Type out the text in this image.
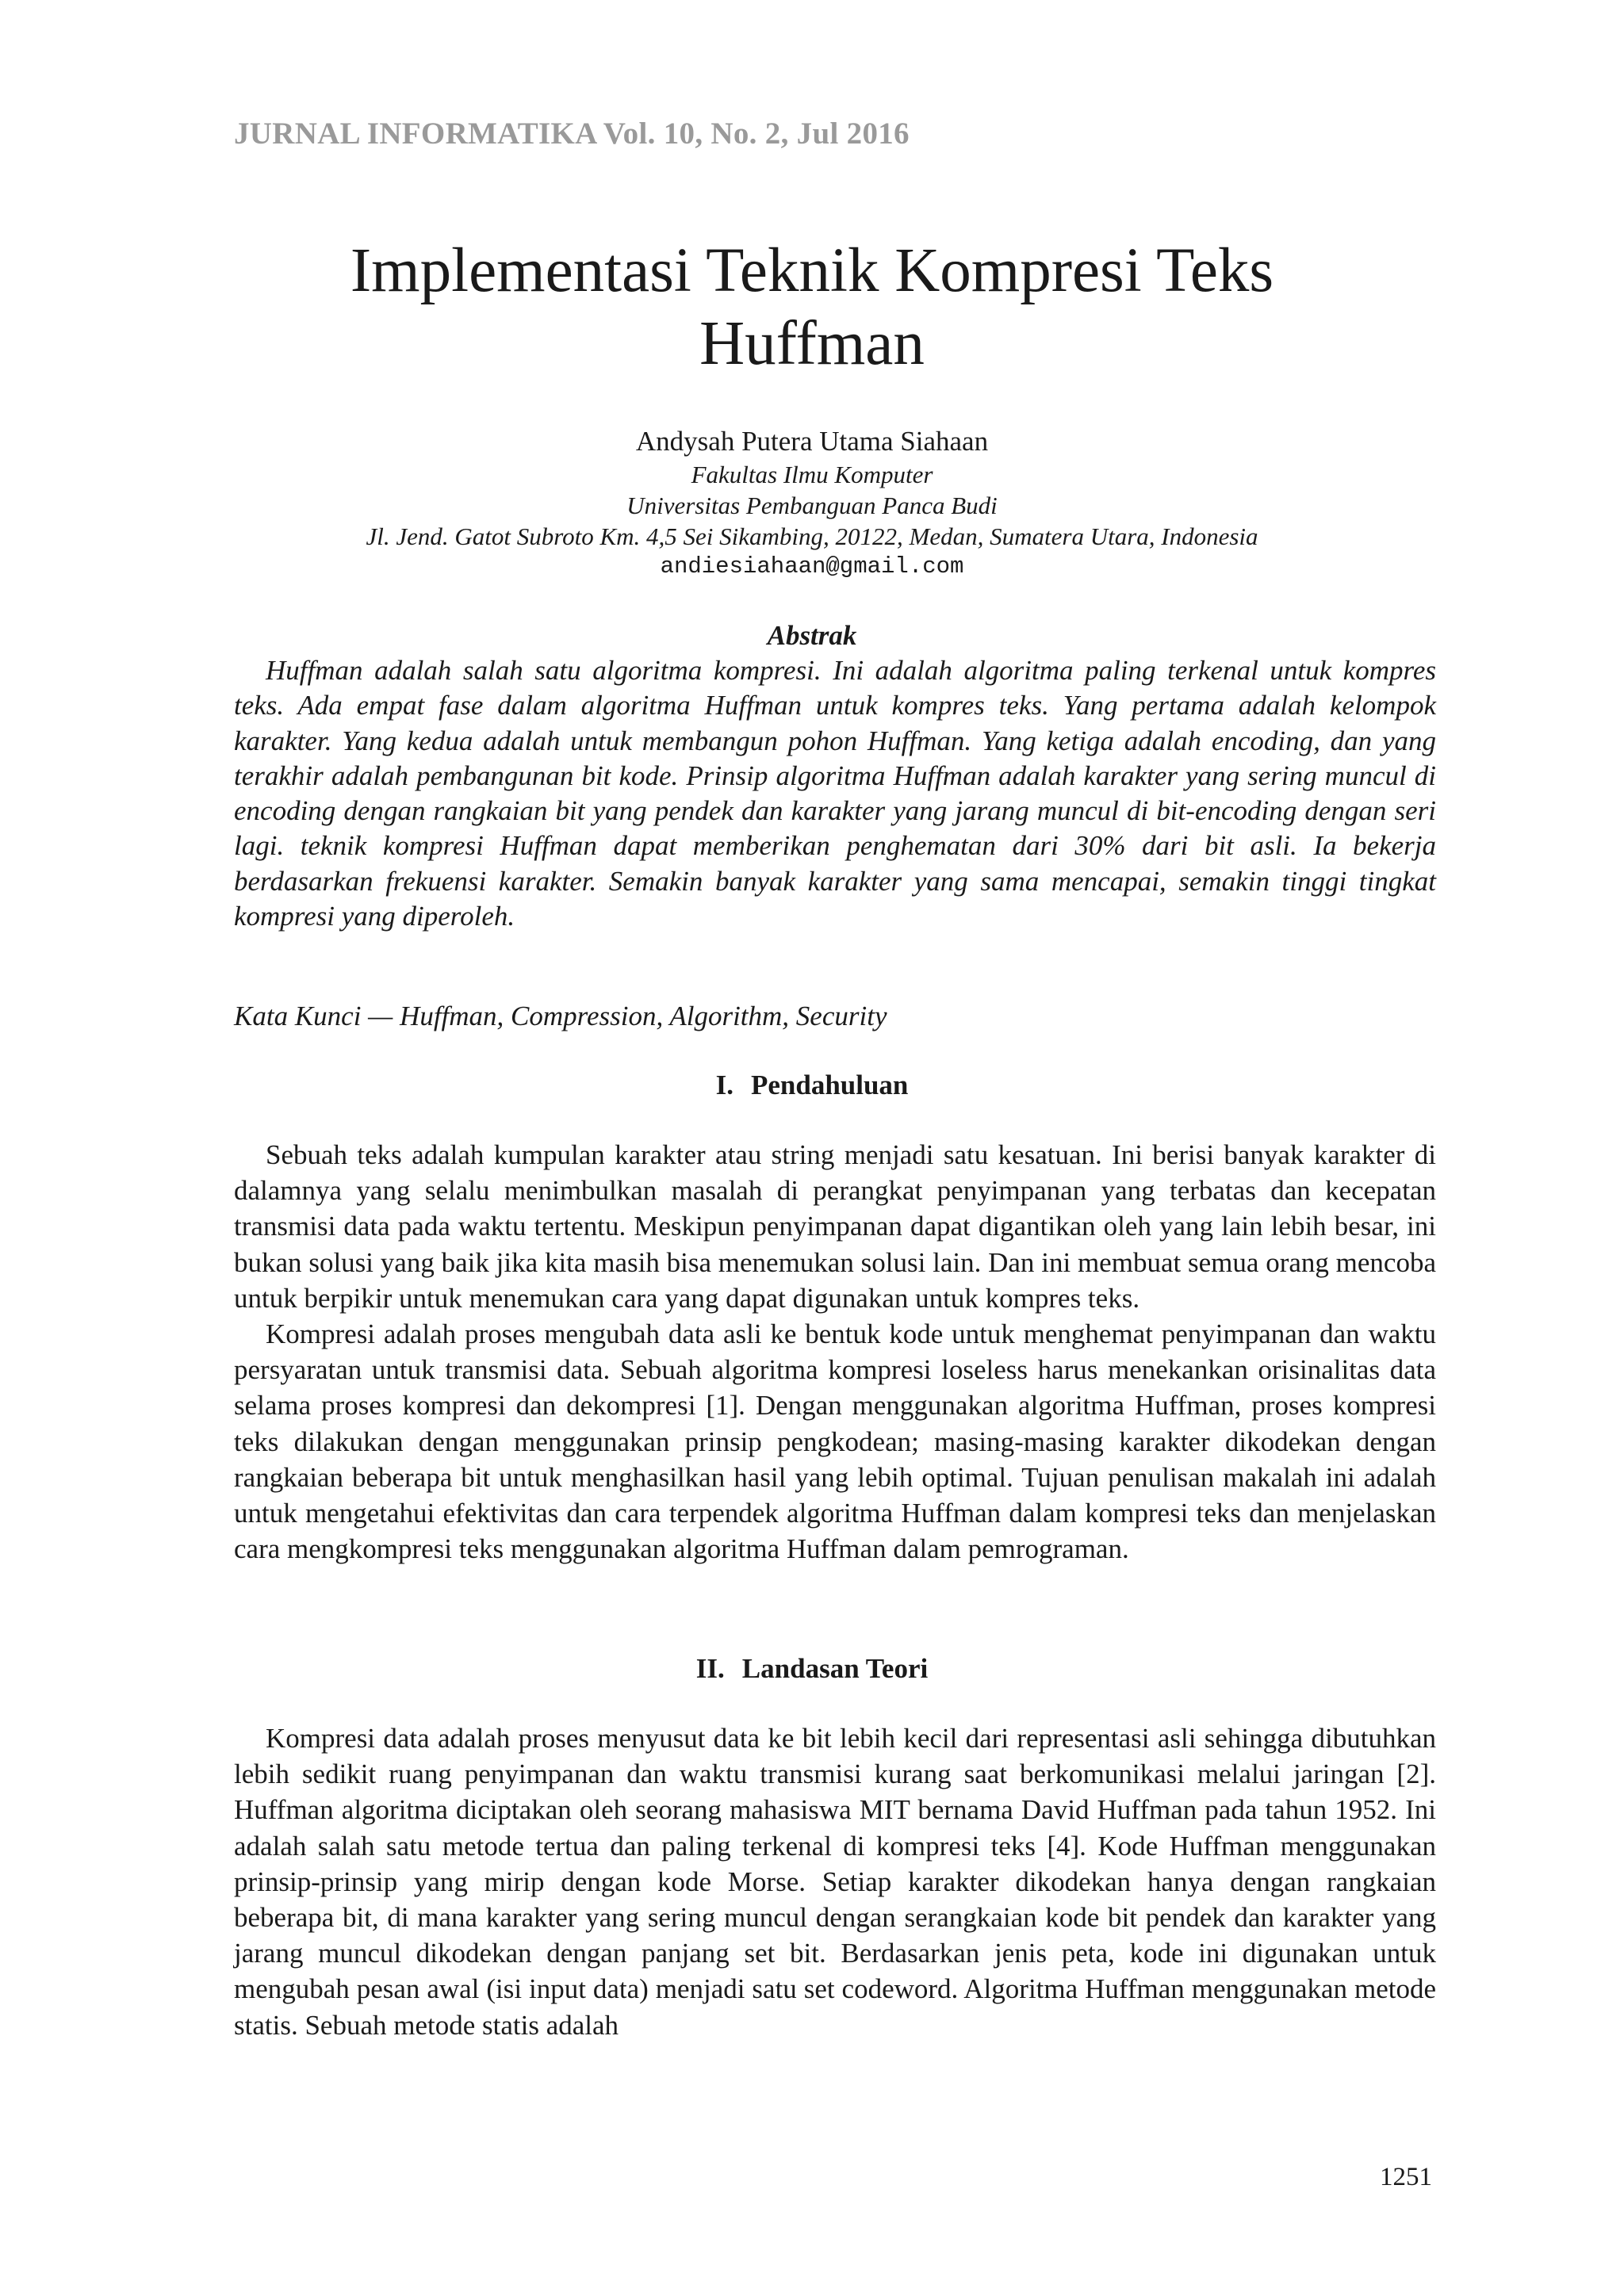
JURNAL INFORMATIKA Vol. 10, No. 2, Jul 2016
Implementasi Teknik Kompresi Teks
Huffman
Andysah Putera Utama Siahaan
Fakultas Ilmu Komputer
Universitas Pembanguan Panca Budi
Jl. Jend. Gatot Subroto Km. 4,5 Sei Sikambing, 20122, Medan, Sumatera Utara, Indonesia
andiesiahaan@gmail.com
Abstrak
Huffman adalah salah satu algoritma kompresi. Ini adalah algoritma paling terkenal untuk kompres teks. Ada empat fase dalam algoritma Huffman untuk kompres teks. Yang pertama adalah kelompok karakter. Yang kedua adalah untuk membangun pohon Huffman. Yang ketiga adalah encoding, dan yang terakhir adalah pembangunan bit kode. Prinsip algoritma Huffman adalah karakter yang sering muncul di encoding dengan rangkaian bit yang pendek dan karakter yang jarang muncul di bit-encoding dengan seri lagi. teknik kompresi Huffman dapat memberikan penghematan dari 30% dari bit asli. Ia bekerja berdasarkan frekuensi karakter. Semakin banyak karakter yang sama mencapai, semakin tinggi tingkat kompresi yang diperoleh.
Kata Kunci — Huffman, Compression, Algorithm, Security
I. Pendahuluan

Sebuah teks adalah kumpulan karakter atau string menjadi satu kesatuan. Ini berisi banyak karakter di dalamnya yang selalu menimbulkan masalah di perangkat penyimpanan yang terbatas dan kecepatan transmisi data pada waktu tertentu. Meskipun penyimpanan dapat digantikan oleh yang lain lebih besar, ini bukan solusi yang baik jika kita masih bisa menemukan solusi lain. Dan ini membuat semua orang mencoba untuk berpikir untuk menemukan cara yang dapat digunakan untuk kompres teks.

Kompresi adalah proses mengubah data asli ke bentuk kode untuk menghemat penyimpanan dan waktu persyaratan untuk transmisi data. Sebuah algoritma kompresi loseless harus menekankan orisinalitas data selama proses kompresi dan dekompresi [1]. Dengan menggunakan algoritma Huffman, proses kompresi teks dilakukan dengan menggunakan prinsip pengkodean; masing-masing karakter dikodekan dengan rangkaian beberapa bit untuk menghasilkan hasil yang lebih optimal. Tujuan penulisan makalah ini adalah untuk mengetahui efektivitas dan cara terpendek algoritma Huffman dalam kompresi teks dan menjelaskan cara mengkompresi teks menggunakan algoritma Huffman dalam pemrograman.

II. Landasan Teori

Kompresi data adalah proses menyusut data ke bit lebih kecil dari representasi asli sehingga dibutuhkan lebih sedikit ruang penyimpanan dan waktu transmisi kurang saat berkomunikasi melalui jaringan [2]. Huffman algoritma diciptakan oleh seorang mahasiswa MIT bernama David Huffman pada tahun 1952. Ini adalah salah satu metode tertua dan paling terkenal di kompresi teks [4]. Kode Huffman menggunakan prinsip-prinsip yang mirip dengan kode Morse. Setiap karakter dikodekan hanya dengan rangkaian beberapa bit, di mana karakter yang sering muncul dengan serangkaian kode bit pendek dan karakter yang jarang muncul dikodekan dengan panjang set bit. Berdasarkan jenis peta, kode ini digunakan untuk mengubah pesan awal (isi input data) menjadi satu set codeword. Algoritma Huffman menggunakan metode statis. Sebuah metode statis adalah

1251
